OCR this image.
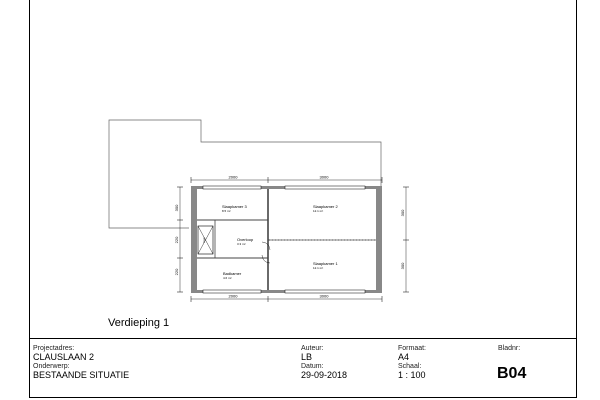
trap
Slaapkamer 3
8.5 m²
Slaapkamer 2
12.1 m²
Overloop
3.3 m²
Badkamer
4.6 m²
Slaapkamer 1
12.1 m²
2000	3000
2000	3000
300
220
220
300
300
Verdieping 1
Projectadres:
CLAUSLAAN 2
Onderwerp:
BESTAANDE SITUATIE
Auteur:
LB
Datum:
29-09-2018
Formaat:
A4
Schaal:
1 : 100
Bladnr:
B04
